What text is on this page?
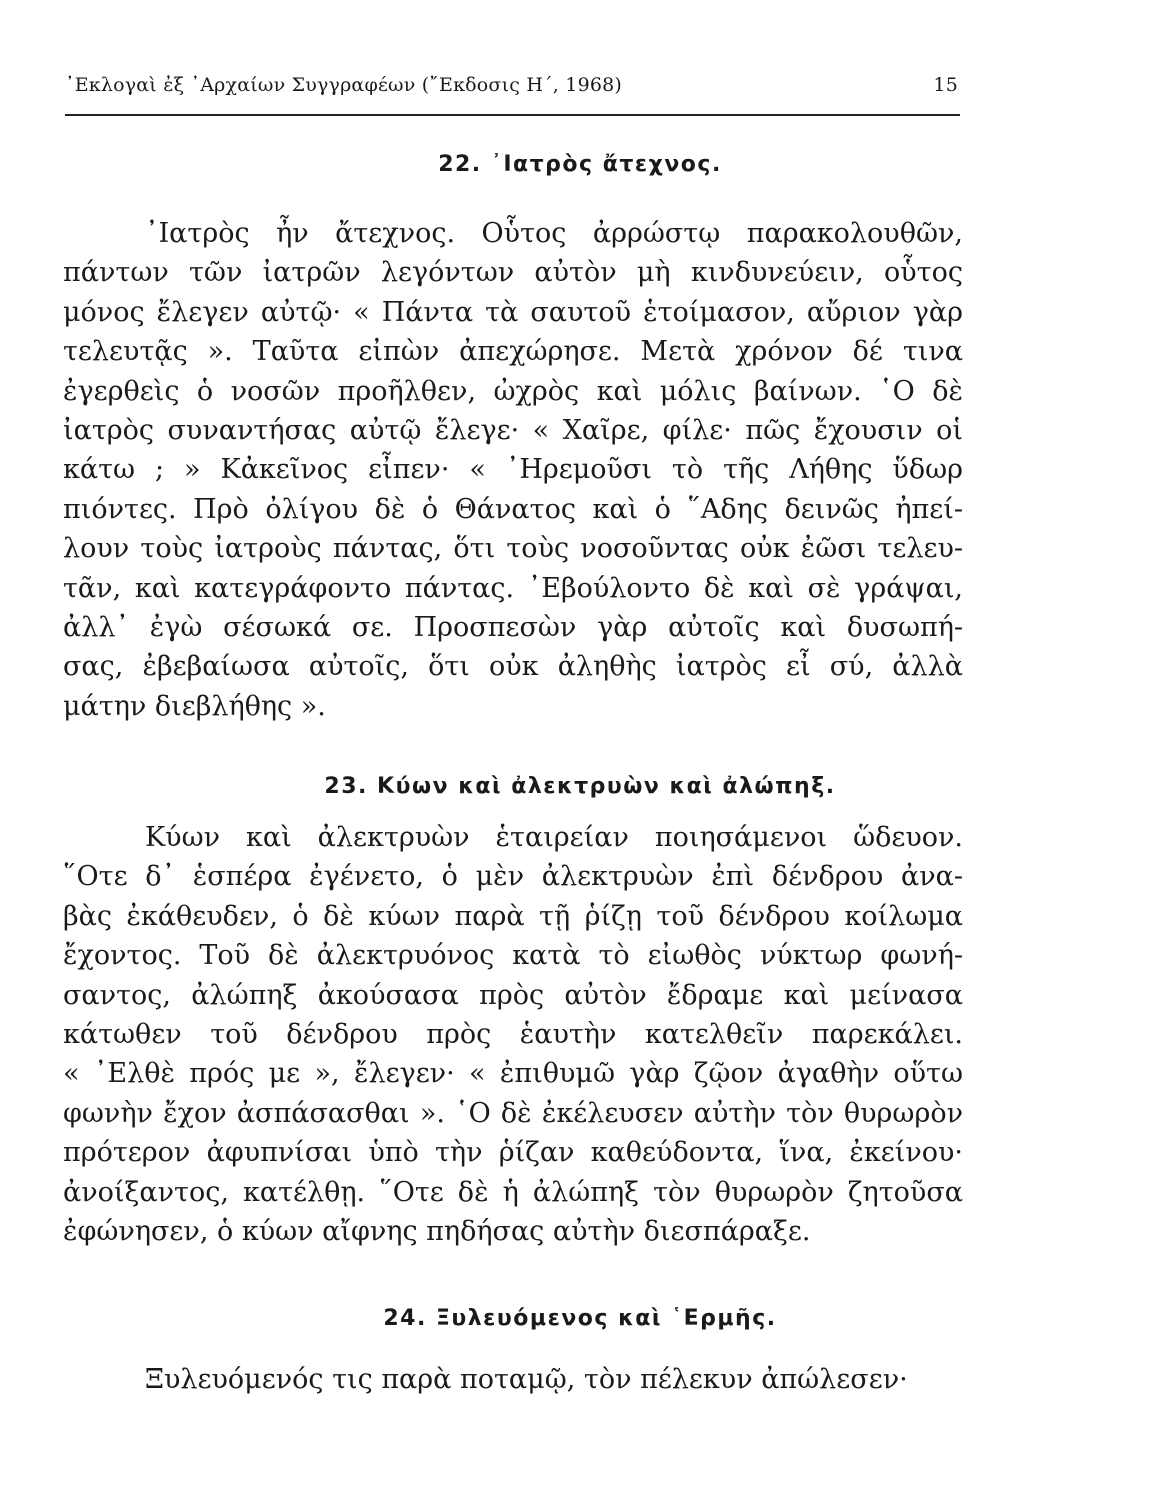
᾿Εκλογαὶ ἐξ ᾿Αρχαίων Συγγραφέων (῎Εκδοσις Η΄, 1968)	15
22. ᾿Ιατρὸς ἄτεχνος.
᾿Ιατρὸς ἦν ἄτεχνος. Οὗτος ἀρρώστῳ παρακολουθῶν,
πάντων τῶν ἰατρῶν λεγόντων αὐτὸν μὴ κινδυνεύειν, οὗτος
μόνος ἔλεγεν αὐτῷ· « Πάντα τὰ σαυτοῦ ἑτοίμασον, αὔριον γὰρ
τελευτᾷς ». Ταῦτα εἰπὼν ἀπεχώρησε. Μετὰ χρόνον δέ τινα
ἐγερθεὶς ὁ νοσῶν προῆλθεν, ὠχρὸς καὶ μόλις βαίνων. ῾Ο δὲ
ἰατρὸς συναντήσας αὐτῷ ἔλεγε· « Χαῖρε, φίλε· πῶς ἔχουσιν οἱ
κάτω ; » Κἀκεῖνος εἶπεν· « ᾿Ηρεμοῦσι τὸ τῆς Λήθης ὕδωρ
πιόντες. Πρὸ ὀλίγου δὲ ὁ Θάνατος καὶ ὁ ῞Αδης δεινῶς ἠπεί-
λουν τοὺς ἰατροὺς πάντας, ὅτι τοὺς νοσοῦντας οὐκ ἐῶσι τελευ-
τᾶν, καὶ κατεγράφοντο πάντας. ᾿Εβούλοντο δὲ καὶ σὲ γράψαι,
ἀλλ᾿ ἐγὼ σέσωκά σε. Προσπεσὼν γὰρ αὐτοῖς καὶ δυσωπή-
σας, ἐβεβαίωσα αὐτοῖς, ὅτι οὐκ ἀληθὴς ἰατρὸς εἶ σύ, ἀλλὰ
μάτην διεβλήθης ».
23. Κύων καὶ ἀλεκτρυὼν καὶ ἀλώπηξ.
Κύων καὶ ἀλεκτρυὼν ἑταιρείαν ποιησάμενοι ὥδευον.
῞Οτε δ᾿ ἑσπέρα ἐγένετο, ὁ μὲν ἀλεκτρυὼν ἐπὶ δένδρου ἀνα-
βὰς ἐκάθευδεν, ὁ δὲ κύων παρὰ τῇ ῥίζῃ τοῦ δένδρου κοίλωμα
ἔχοντος. Τοῦ δὲ ἀλεκτρυόνος κατὰ τὸ εἰωθὸς νύκτωρ φωνή-
σαντος, ἀλώπηξ ἀκούσασα πρὸς αὐτὸν ἔδραμε καὶ μείνασα
κάτωθεν τοῦ δένδρου πρὸς ἑαυτὴν κατελθεῖν παρεκάλει.
« ᾿Ελθὲ πρός με », ἔλεγεν· « ἐπιθυμῶ γὰρ ζῷον ἀγαθὴν οὕτω
φωνὴν ἔχον ἀσπάσασθαι ». ῾Ο δὲ ἐκέλευσεν αὐτὴν τὸν θυρωρὸν
πρότερον ἀφυπνίσαι ὑπὸ τὴν ῥίζαν καθεύδοντα, ἵνα, ἐκείνου·
ἀνοίξαντος, κατέλθῃ. ῞Οτε δὲ ἡ ἀλώπηξ τὸν θυρωρὸν ζητοῦσα
ἐφώνησεν, ὁ κύων αἴφνης πηδήσας αὐτὴν διεσπάραξε.
24. Ξυλευόμενος καὶ ῾Ερμῆς.
Ξυλευόμενός τις παρὰ ποταμῷ, τὸν πέλεκυν ἀπώλεσεν·
